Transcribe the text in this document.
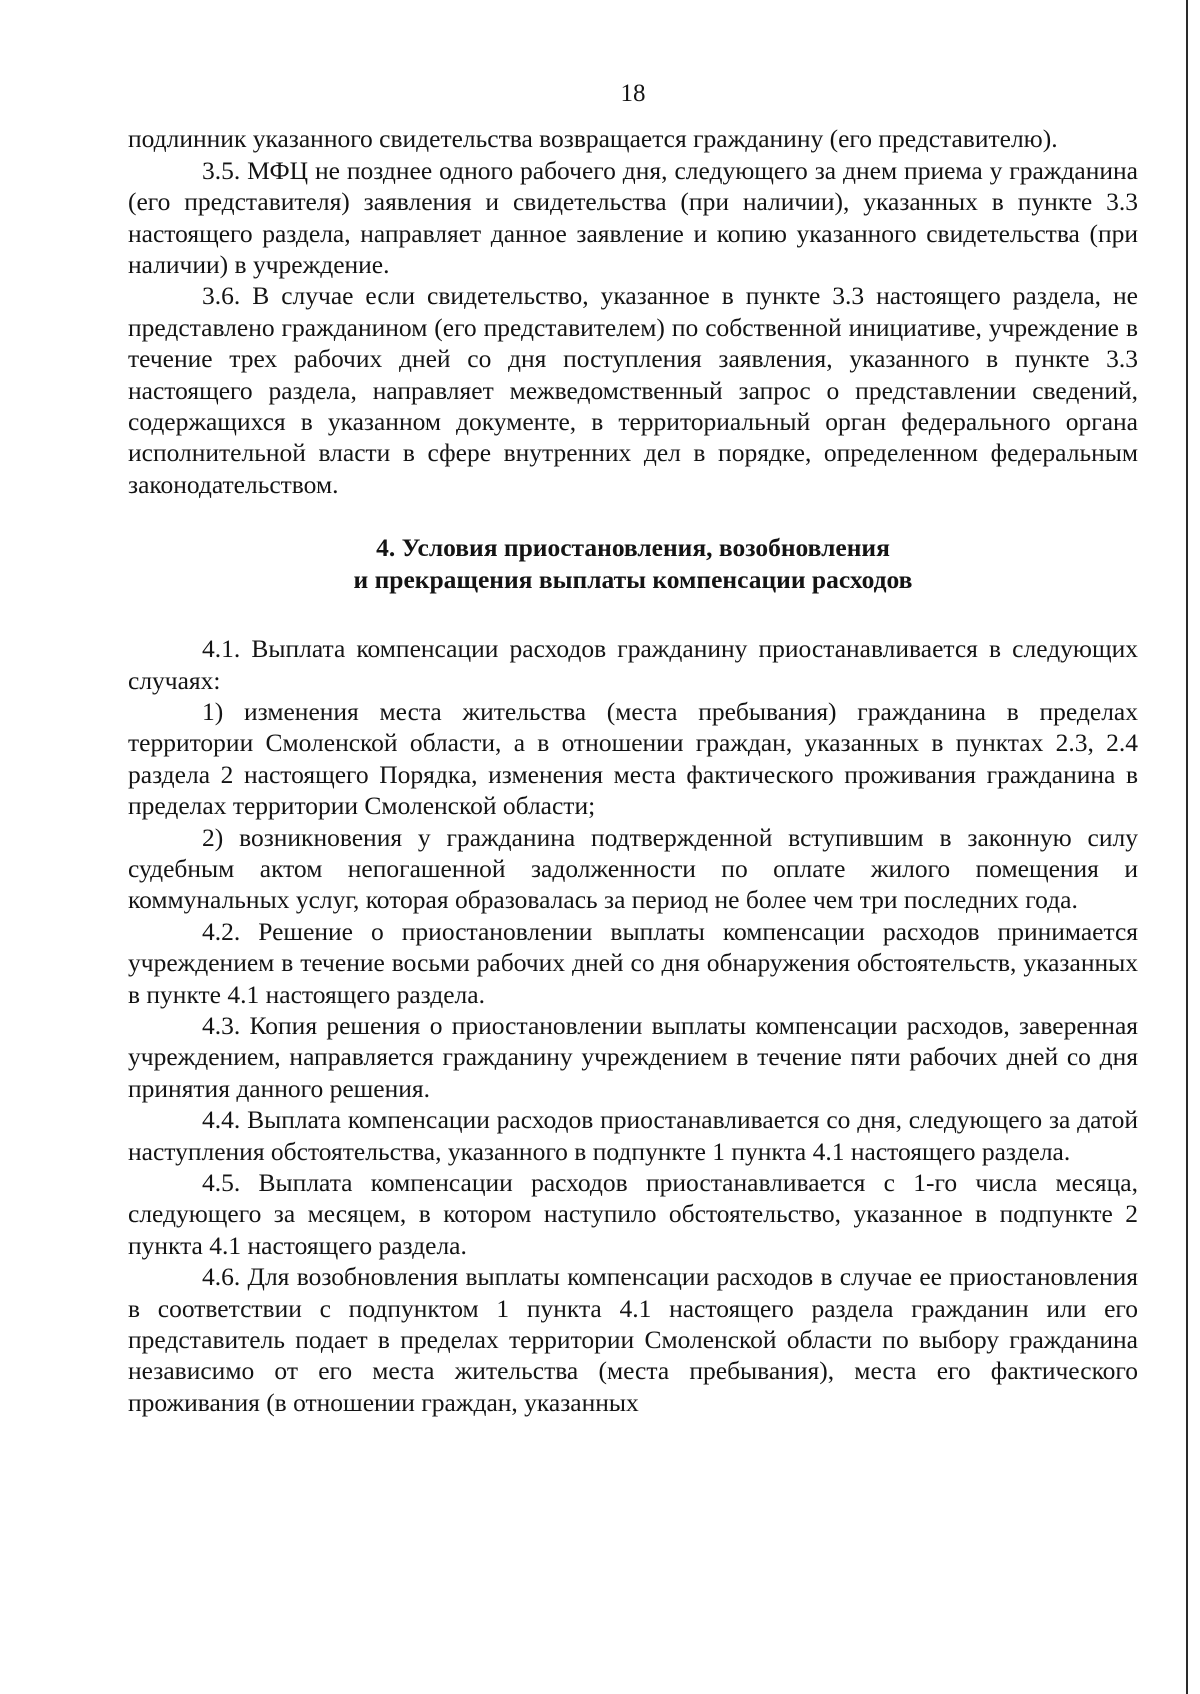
18

подлинник указанного свидетельства возвращается гражданину (его представителю).

3.5. МФЦ не позднее одного рабочего дня, следующего за днем приема у гражданина (его представителя) заявления и свидетельства (при наличии), указанных в пункте 3.3 настоящего раздела, направляет данное заявление и копию указанного свидетельства (при наличии) в учреждение.

3.6. В случае если свидетельство, указанное в пункте 3.3 настоящего раздела, не представлено гражданином (его представителем) по собственной инициативе, учреждение в течение трех рабочих дней со дня поступления заявления, указанного в пункте 3.3 настоящего раздела, направляет межведомственный запрос о представлении сведений, содержащихся в указанном документе, в территориальный орган федерального органа исполнительной власти в сфере внутренних дел в порядке, определенном федеральным законодательством.

4. Условия приостановления, возобновления
и прекращения выплаты компенсации расходов

4.1. Выплата компенсации расходов гражданину приостанавливается в следующих случаях:

1) изменения места жительства (места пребывания) гражданина в пределах территории Смоленской области, а в отношении граждан, указанных в пунктах 2.3, 2.4 раздела 2 настоящего Порядка, изменения места фактического проживания гражданина в пределах территории Смоленской области;

2) возникновения у гражданина подтвержденной вступившим в законную силу судебным актом непогашенной задолженности по оплате жилого помещения и коммунальных услуг, которая образовалась за период не более чем три последних года.

4.2. Решение о приостановлении выплаты компенсации расходов принимается учреждением в течение восьми рабочих дней со дня обнаружения обстоятельств, указанных в пункте 4.1 настоящего раздела.

4.3. Копия решения о приостановлении выплаты компенсации расходов, заверенная учреждением, направляется гражданину учреждением в течение пяти рабочих дней со дня принятия данного решения.

4.4. Выплата компенсации расходов приостанавливается со дня, следующего за датой наступления обстоятельства, указанного в подпункте 1 пункта 4.1 настоящего раздела.

4.5. Выплата компенсации расходов приостанавливается с 1-го числа месяца, следующего за месяцем, в котором наступило обстоятельство, указанное в подпункте 2 пункта 4.1 настоящего раздела.

4.6. Для возобновления выплаты компенсации расходов в случае ее приостановления в соответствии с подпунктом 1 пункта 4.1 настоящего раздела гражданин или его представитель подает в пределах территории Смоленской области по выбору гражданина независимо от его места жительства (места пребывания), места его фактического проживания (в отношении граждан, указанных
